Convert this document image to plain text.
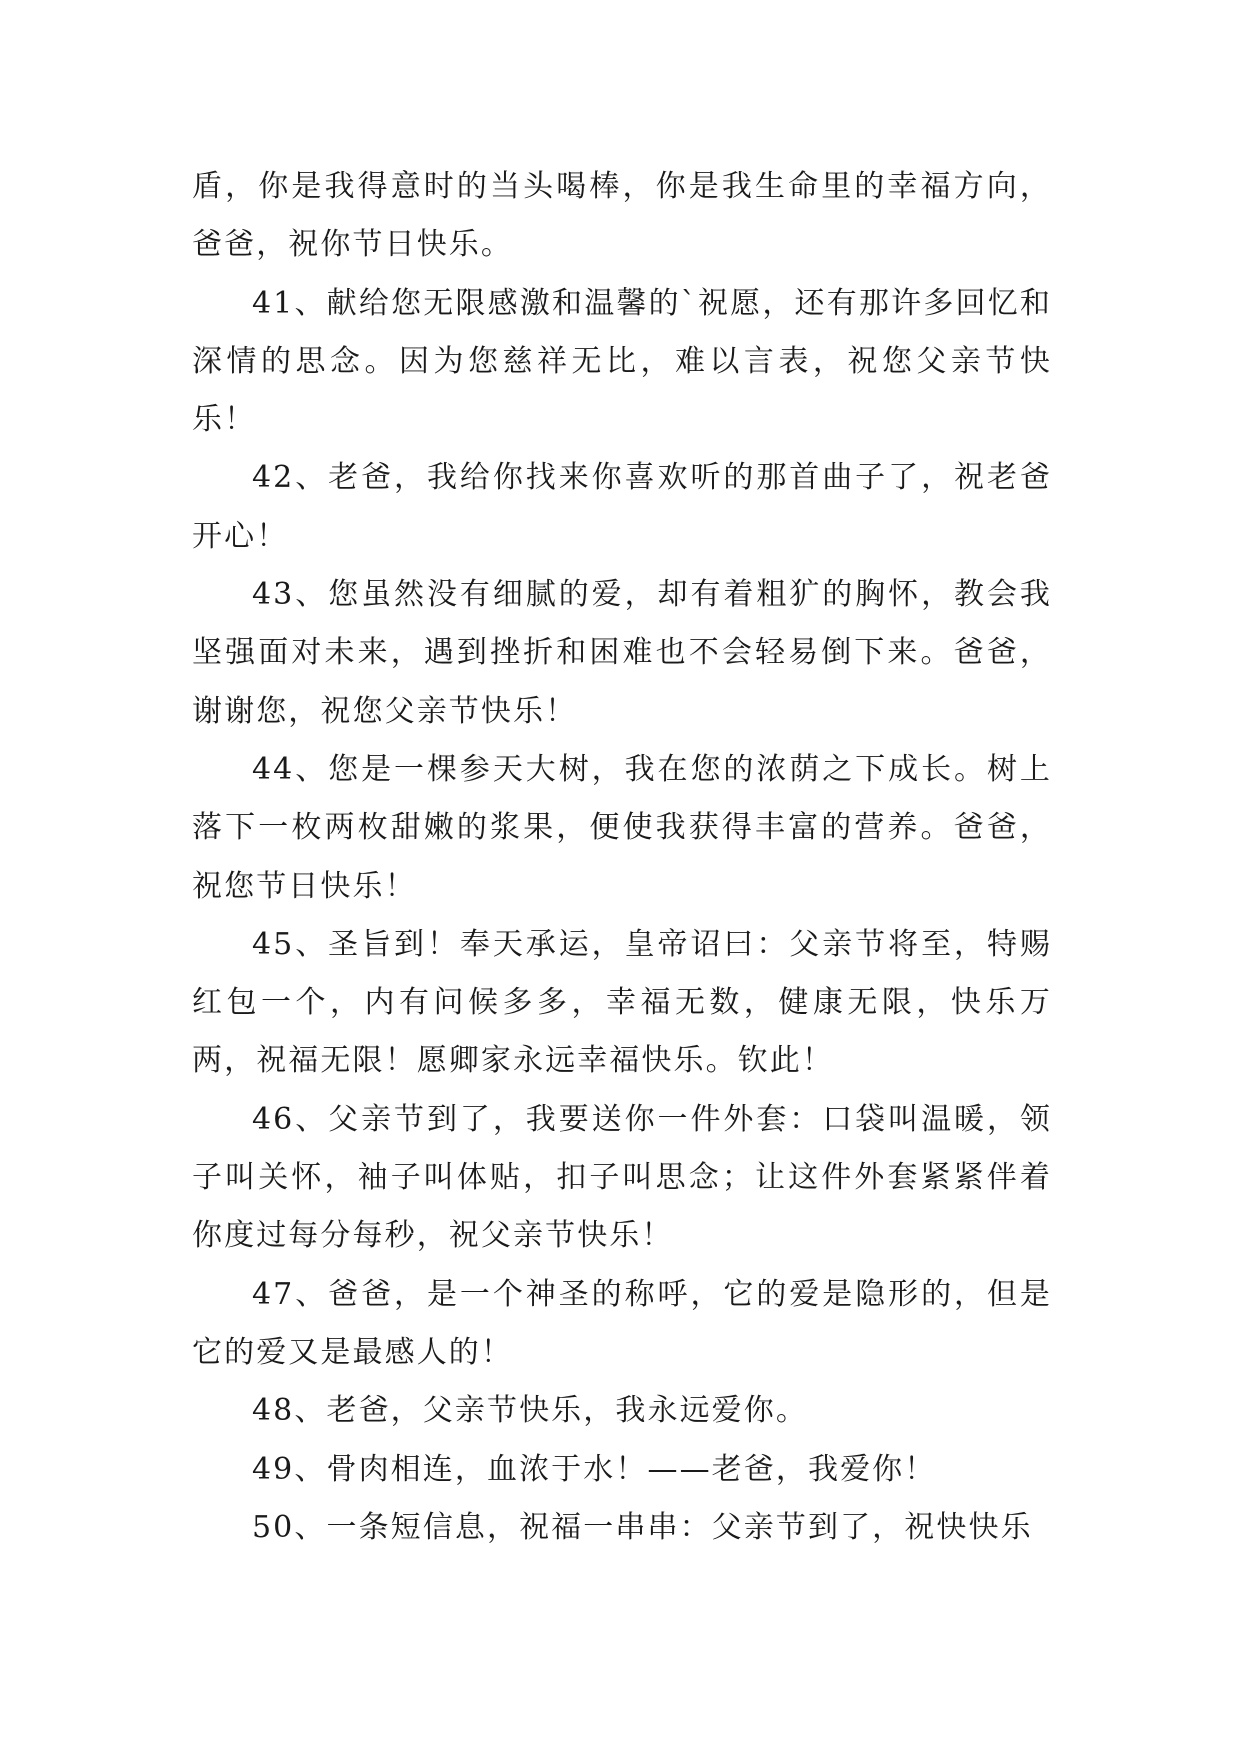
盾，你是我得意时的当头喝棒，你是我生命里的幸福方向，爸爸，祝你节日快乐。

41、献给您无限感激和温馨的`祝愿，还有那许多回忆和深情的思念。因为您慈祥无比，难以言表，祝您父亲节快乐！

42、老爸，我给你找来你喜欢听的那首曲子了，祝老爸开心！

43、您虽然没有细腻的爱，却有着粗犷的胸怀，教会我坚强面对未来，遇到挫折和困难也不会轻易倒下来。爸爸，谢谢您，祝您父亲节快乐！

44、您是一棵参天大树，我在您的浓荫之下成长。树上落下一枚两枚甜嫩的浆果，便使我获得丰富的营养。爸爸，祝您节日快乐！

45、圣旨到！奉天承运，皇帝诏曰：父亲节将至，特赐红包一个，内有问候多多，幸福无数，健康无限，快乐万两，祝福无限！愿卿家永远幸福快乐。钦此！

46、父亲节到了，我要送你一件外套：口袋叫温暖，领子叫关怀，袖子叫体贴，扣子叫思念；让这件外套紧紧伴着你度过每分每秒，祝父亲节快乐！

47、爸爸，是一个神圣的称呼，它的爱是隐形的，但是它的爱又是最感人的！

48、老爸，父亲节快乐，我永远爱你。

49、骨肉相连，血浓于水！——老爸，我爱你！

50、一条短信息，祝福一串串：父亲节到了，祝快快乐
